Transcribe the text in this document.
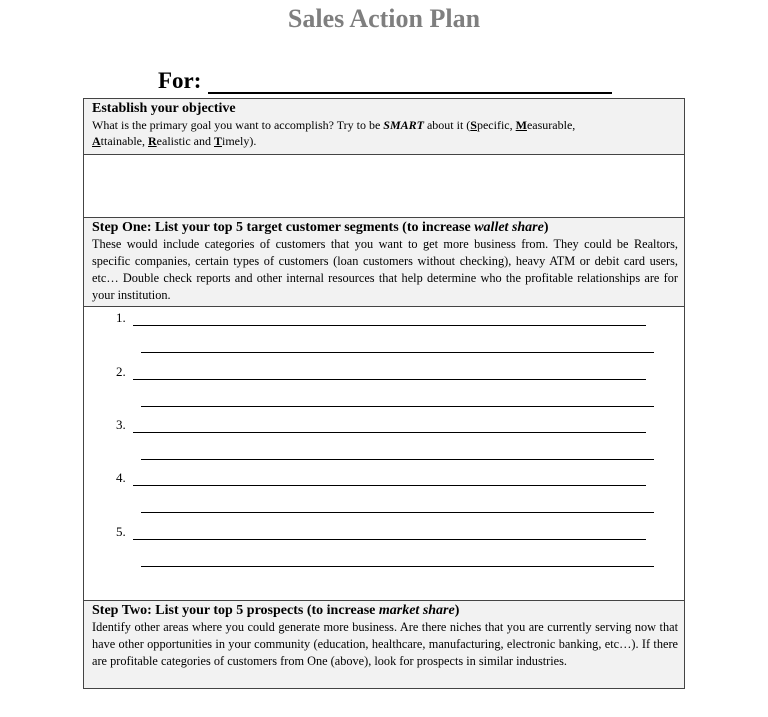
Sales Action Plan
For:
Establish your objective
What is the primary goal you want to accomplish? Try to be SMART about it (Specific, Measurable,
Attainable, Realistic and Timely).
Step One: List your top 5 target customer segments (to increase wallet share)
These would include categories of customers that you want to get more business from. They could be Realtors, specific companies, certain types of customers (loan customers without checking), heavy ATM or debit card users, etc… Double check reports and other internal resources that help determine who the profitable relationships are for your institution.
1.
2.
3.
4.
5.
Step Two: List your top 5 prospects (to increase market share)
Identify other areas where you could generate more business. Are there niches that you are currently serving now that have other opportunities in your community (education, healthcare, manufacturing, electronic banking, etc…). If there are profitable categories of customers from One (above), look for prospects in similar industries.
